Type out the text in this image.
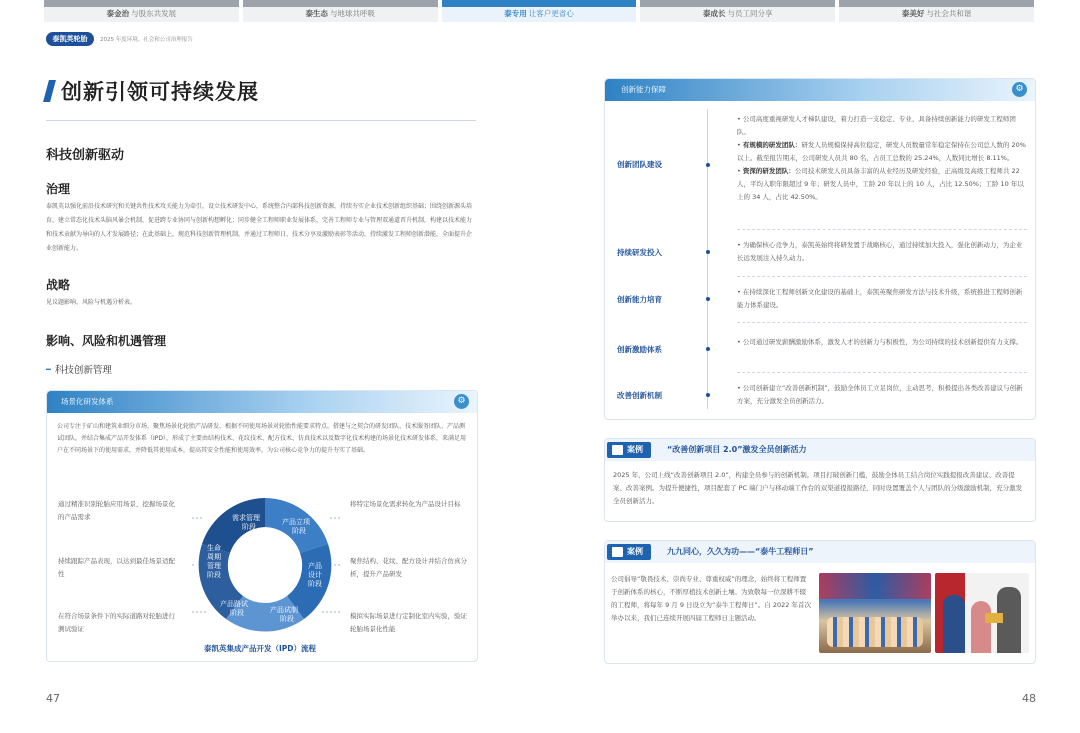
泰金治 与股东共发展	泰生态 与地球共呼吸	泰专用 让客户更省心	泰成长 与员工同分享	泰美好 与社会共和谐
泰凯英轮胎	2025 年度环境、社会和公司治理报告
创新引领可持续发展
科技创新驱动
治理
泰凯英以强化前沿技术研究和关键共性技术攻关能力为牵引，设立技术研发中心，系统整合内部科技创新资源，持续夯实企业技术创新组织基础；围绕创新源头培育，建立常态化技术头脑风暴会机制，促进跨专业协同与创新构想孵化；同步健全工程师职业发展体系，完善工程师专业与管理双通道晋升机制，构建以技术能力和技术贡献为导向的人才发展路径；在此基础上，规范科技创新管理机制，并通过工程师日、技术分享及激励表彰等活动，持续激发工程师创新潜能，全面提升企业创新能力。
战略
见议题影响、风险与机遇分析表。
影响、风险和机遇管理
━ 科技创新管理
场景化研发体系	⚙
公司专注于矿山和建筑业细分市场，聚焦场景化轮胎产品研发，根据不同使用场景对轮胎性能要求特点，搭建与之契合的研发团队、技术服务团队、产品测试团队，并结合集成产品开发体系（IPD），形成了主要由结构技术、花纹技术、配方技术、仿真技术以及数字化技术构建的场景化技术研发体系，来满足用户在不同场景下的使用需求，并降低其使用成本，提高其安全性能和使用效率，为公司核心竞争力的提升夯实了基础。
通过精准识别轮胎应用场景，挖掘场景化的产品需求
持续跟踪产品表现，以达到最佳场景适配性
在符合场景条件下的实际道路对轮胎进行测试验证
将特定场景化需求转化为产品设计目标
聚焦结构、花纹、配方设计并结合仿真分析，提升产品研发
模拟实际场景进行定制化室内实验，验证轮胎场景化性能
需求管理阶段
产品立项阶段
产品设计阶段
产品试制阶段
产品路试阶段
生命周期管理阶段
泰凯英集成产品开发（IPD）流程
47
创新能力保障	⚙
创新团队建设
• 公司高度重视研发人才梯队建设，着力打造一支稳定、专业、具备持续创新能力的研发工程师团队。
• 有规模的研发团队：研发人员规模保持高位稳定，研发人员数量常年稳定保持在公司总人数的 20% 以上。截至报告期末，公司研发人员共 80 名，占员工总数的 25.24%，人数同比增长 8.11%。
• 资深的研发团队：公司技术研发人员具备丰富的从业经历及研发经验，正高级及高级工程师共 22 人，平均入职年限超过 9 年；研发人员中，工龄 20 年以上的 10 人，占比 12.50%；工龄 10 年以上的 34 人，占比 42.50%。
持续研发投入
• 为确保核心竞争力，泰凯英始终将研发置于战略核心，通过持续加大投入，强化创新动力，为企业长远发展注入持久动力。
创新能力培育
• 在持续深化工程师创新文化建设的基础上，泰凯英聚焦研发方法与技术升级，系统推进工程师创新能力体系建设。
创新激励体系
• 公司通过研发薪酬激励体系，激发人才的创新力与积极性，为公司持续的技术创新提供有力支撑。
改善创新机制
• 公司创新建立“改善创新机制”，鼓励全体员工立足岗位，主动思考，积极提出各类改善建议与创新方案，充分激发全员创新活力。
案例	“改善创新项目 2.0”激发全员创新活力
2025 年，公司上线“改善创新项目 2.0”，构建全员参与的创新机制。项目打破创新门槛，鼓励全体员工结合岗位实践提报改善建议、改善提案、改善案例。为提升便捷性，项目配套了 PC 端门户与移动端工作台的双渠道提报路径，同时设置覆盖个人与团队的分级激励机制，充分激发全员创新活力。
案例	九九同心，久久为功——“泰牛工程师日”
公司倡导“敬畏技术、崇尚专业、尊重权威”的理念，始终将工程师置于创新体系的核心，不断厚植技术创新土壤。为致敬每一位深耕不辍的工程师，将每年 9 月 9 日设立为“泰牛工程师日”。自 2022 年首次举办以来，我们已连续开展四届工程师日主题活动。
48
